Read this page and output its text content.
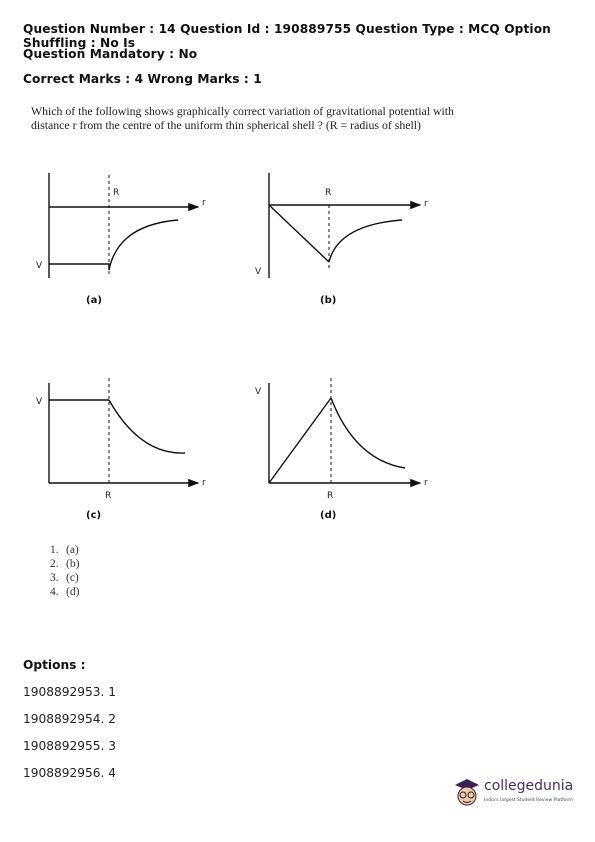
Question Number : 14 Question Id : 190889755 Question Type : MCQ Option Shuffling : No Is
Question Mandatory : No
Correct Marks : 4 Wrong Marks : 1
Which of the following shows graphically correct variation of gravitational potential with
distance r from the centre of the uniform thin spherical shell ? (R = radius of shell)
V
R
r
(a)
V
R
r
(b)
V
R
r
(c)
V
R
r
(d)
1. (a)
2. (b)
3. (c)
4. (d)
Options :
1908892953. 1
1908892954. 2
1908892955. 3
1908892956. 4
collegedunia
India's largest Student Review Platform
